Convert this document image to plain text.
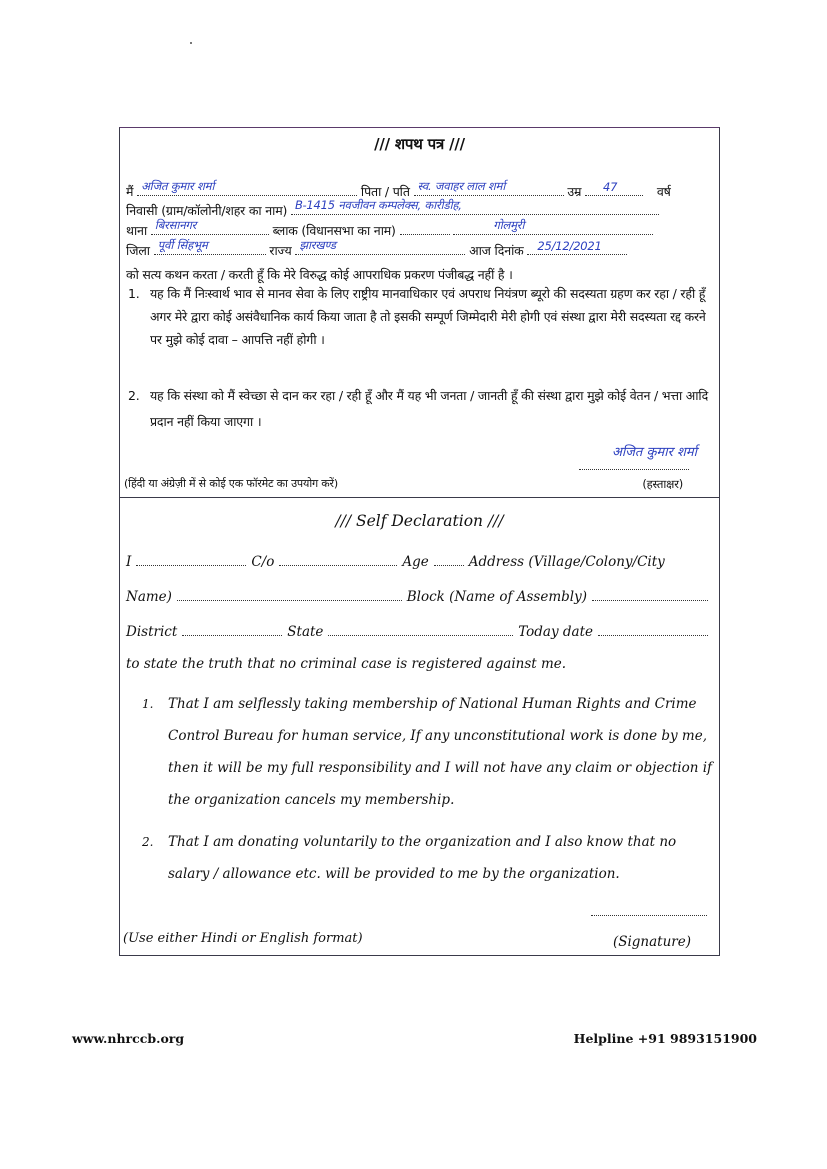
/// शपथ पत्र ///
मैं अजित कुमार शर्मा	पिता / पति स्व. जवाहर लाल शर्मा	उम्र 47	वर्ष
निवासी (ग्राम/कॉलोनी/शहर का नाम) B-1415 नवजीवन कम्पलेक्स, कारीडीह,
थाना बिरसानगर	ब्लाक (विधानसभा का नाम)	गोलमुरी
जिला पूर्वी सिंहभूम	राज्य झारखण्ड	आज दिनांक 25/12/2021
को सत्य कथन करता / करती हूँ कि मेरे विरुद्ध कोई आपराधिक प्रकरण पंजीबद्ध नहीं है ।
1. यह कि मैं निःस्वार्थ भाव से मानव सेवा के लिए राष्ट्रीय मानवाधिकार एवं अपराध नियंत्रण ब्यूरो की सदस्यता ग्रहण कर रहा / रही हूँ अगर मेरे द्वारा कोई असंवैधानिक कार्य किया जाता है तो इसकी सम्पूर्ण जिम्मेदारी मेरी होगी एवं संस्था द्वारा मेरी सदस्यता रद्द करने पर मुझे कोई दावा – आपत्ति नहीं होगी ।
2. यह कि संस्था को मैं स्वेच्छा से दान कर रहा / रही हूँ और मैं यह भी जनता / जानती हूँ की संस्था द्वारा मुझे कोई वेतन / भत्ता आदि प्रदान नहीं किया जाएगा ।
अजित कुमार शर्मा
(हिंदी या अंग्रेज़ी में से कोई एक फॉरमेट का उपयोग करें)	(हस्ताक्षर)
/// Self Declaration ///
I	C/o	Age	Address (Village/Colony/City
Name)	Block (Name of Assembly)
District	State	Today date
to state the truth that no criminal case is registered against me.
1.	That I am selflessly taking membership of National Human Rights and Crime Control Bureau for human service, If any unconstitutional work is done by me, then it will be my full responsibility and I will not have any claim or objection if the organization cancels my membership.
2.	That I am donating voluntarily to the organization and I also know that no salary / allowance etc. will be provided to me by the organization.
(Use either Hindi or English format)	(Signature)
www.nhrccb.org	Helpline +91 9893151900
